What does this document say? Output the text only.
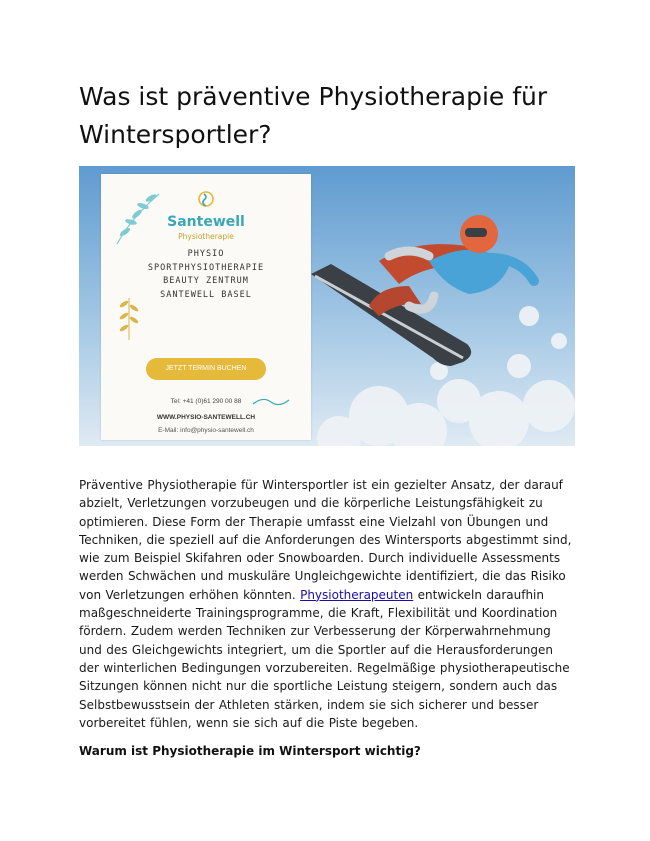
Was ist präventive Physiotherapie für Wintersportler?
Santewell
Physiotherapie
PHYSIO
SPORTPHYSIOTHERAPIE
BEAUTY ZENTRUM
SANTEWELL BASEL
JETZT TERMIN BUCHEN
Tel: +41 (0)61 290 00 88
WWW.PHYSIO-SANTEWELL.CH
E-Mail: info@physio-santewell.ch

Präventive Physiotherapie für Wintersportler ist ein gezielter Ansatz, der darauf abzielt, Verletzungen vorzubeugen und die körperliche Leistungsfähigkeit zu optimieren. Diese Form der Therapie umfasst eine Vielzahl von Übungen und Techniken, die speziell auf die Anforderungen des Wintersports abgestimmt sind, wie zum Beispiel Skifahren oder Snowboarden. Durch individuelle Assessments werden Schwächen und muskuläre Ungleichgewichte identifiziert, die das Risiko von Verletzungen erhöhen könnten. Physiotherapeuten entwickeln daraufhin maßgeschneiderte Trainingsprogramme, die Kraft, Flexibilität und Koordination fördern. Zudem werden Techniken zur Verbesserung der Körperwahrnehmung und des Gleichgewichts integriert, um die Sportler auf die Herausforderungen der winterlichen Bedingungen vorzubereiten. Regelmäßige physiotherapeutische Sitzungen können nicht nur die sportliche Leistung steigern, sondern auch das Selbstbewusstsein der Athleten stärken, indem sie sich sicherer und besser vorbereitet fühlen, wenn sie sich auf die Piste begeben.

Warum ist Physiotherapie im Wintersport wichtig?
